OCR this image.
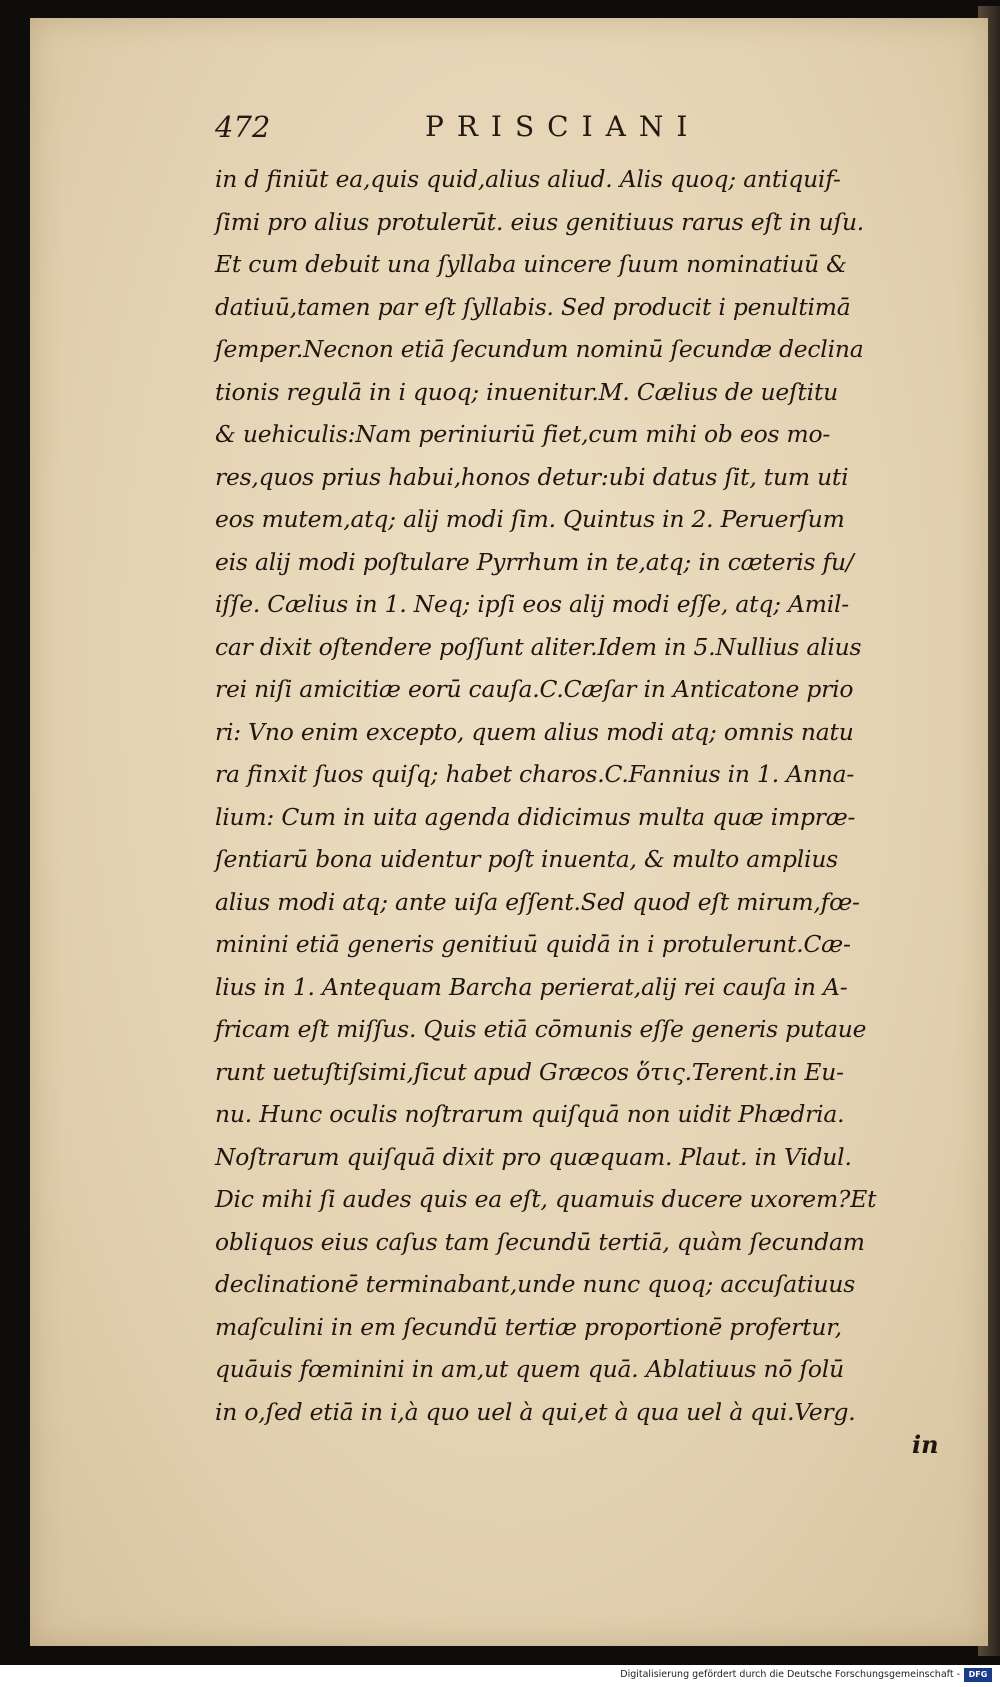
472	PRISCIANI
in d finiūt ea,quis quid,alius aliud. Alis quoq; antiquif-
ſimi pro alius protulerūt. eius genitiuus rarus eſt in uſu.
Et cum debuit una ſyllaba uincere ſuum nominatiuū &
datiuū,tamen par eſt ſyllabis. Sed producit i penultimā
ſemper.Necnon etiā ſecundum nominū ſecundæ declina
tionis regulā in i quoq; inuenitur.M. Cælius de ueſtitu
& uehiculis:Nam periniuriū fiet,cum mihi ob eos mo-
res,quos prius habui,honos detur:ubi datus ſit, tum uti
eos mutem,atq; alij modi ſim. Quintus in 2. Peruerſum
eis alij modi poſtulare Pyrrhum in te,atq; in cæteris fu/
iſſe. Cælius in 1. Neq; ipſi eos alij modi eſſe, atq; Amil-
car dixit oſtendere poſſunt aliter.Idem in 5.Nullius alius
rei niſi amicitiæ eorū cauſa.C.Cæſar in Anticatone prio
ri: Vno enim excepto, quem alius modi atq; omnis natu
ra finxit ſuos quiſq; habet charos.C.Fannius in 1. Anna-
lium: Cum in uita agenda didicimus multa quæ impræ-
ſentiarū bona uidentur poſt inuenta, & multo amplius
alius modi atq; ante uiſa eſſent.Sed quod eſt mirum,fœ-
minini etiā generis genitiuū quidā in i protulerunt.Cæ-
lius in 1. Antequam Barcha perierat,alij rei cauſa in A-
fricam eſt miſſus. Quis etiā cōmunis eſſe generis putaue
runt uetuſtiſsimi,ſicut apud Græcos ὅτις.Terent.in Eu-
nu. Hunc oculis noſtrarum quiſquā non uidit Phædria.
Noſtrarum quiſquā dixit pro quæquam. Plaut. in Vidul.
Dic mihi ſi audes quis ea eſt, quamuis ducere uxorem?Et
obliquos eius caſus tam ſecundū tertiā, quàm ſecundam
declinationē terminabant,unde nunc quoq; accuſatiuus
maſculini in em ſecundū tertiæ proportionē profertur,
quāuis fœminini in am,ut quem quā. Ablatiuus nō ſolū
in o,ſed etiā in i,à quo uel à qui,et à qua uel à qui.Verg.
in
Digitalisierung gefördert durch die Deutsche Forschungsgemeinschaft -	DFG
